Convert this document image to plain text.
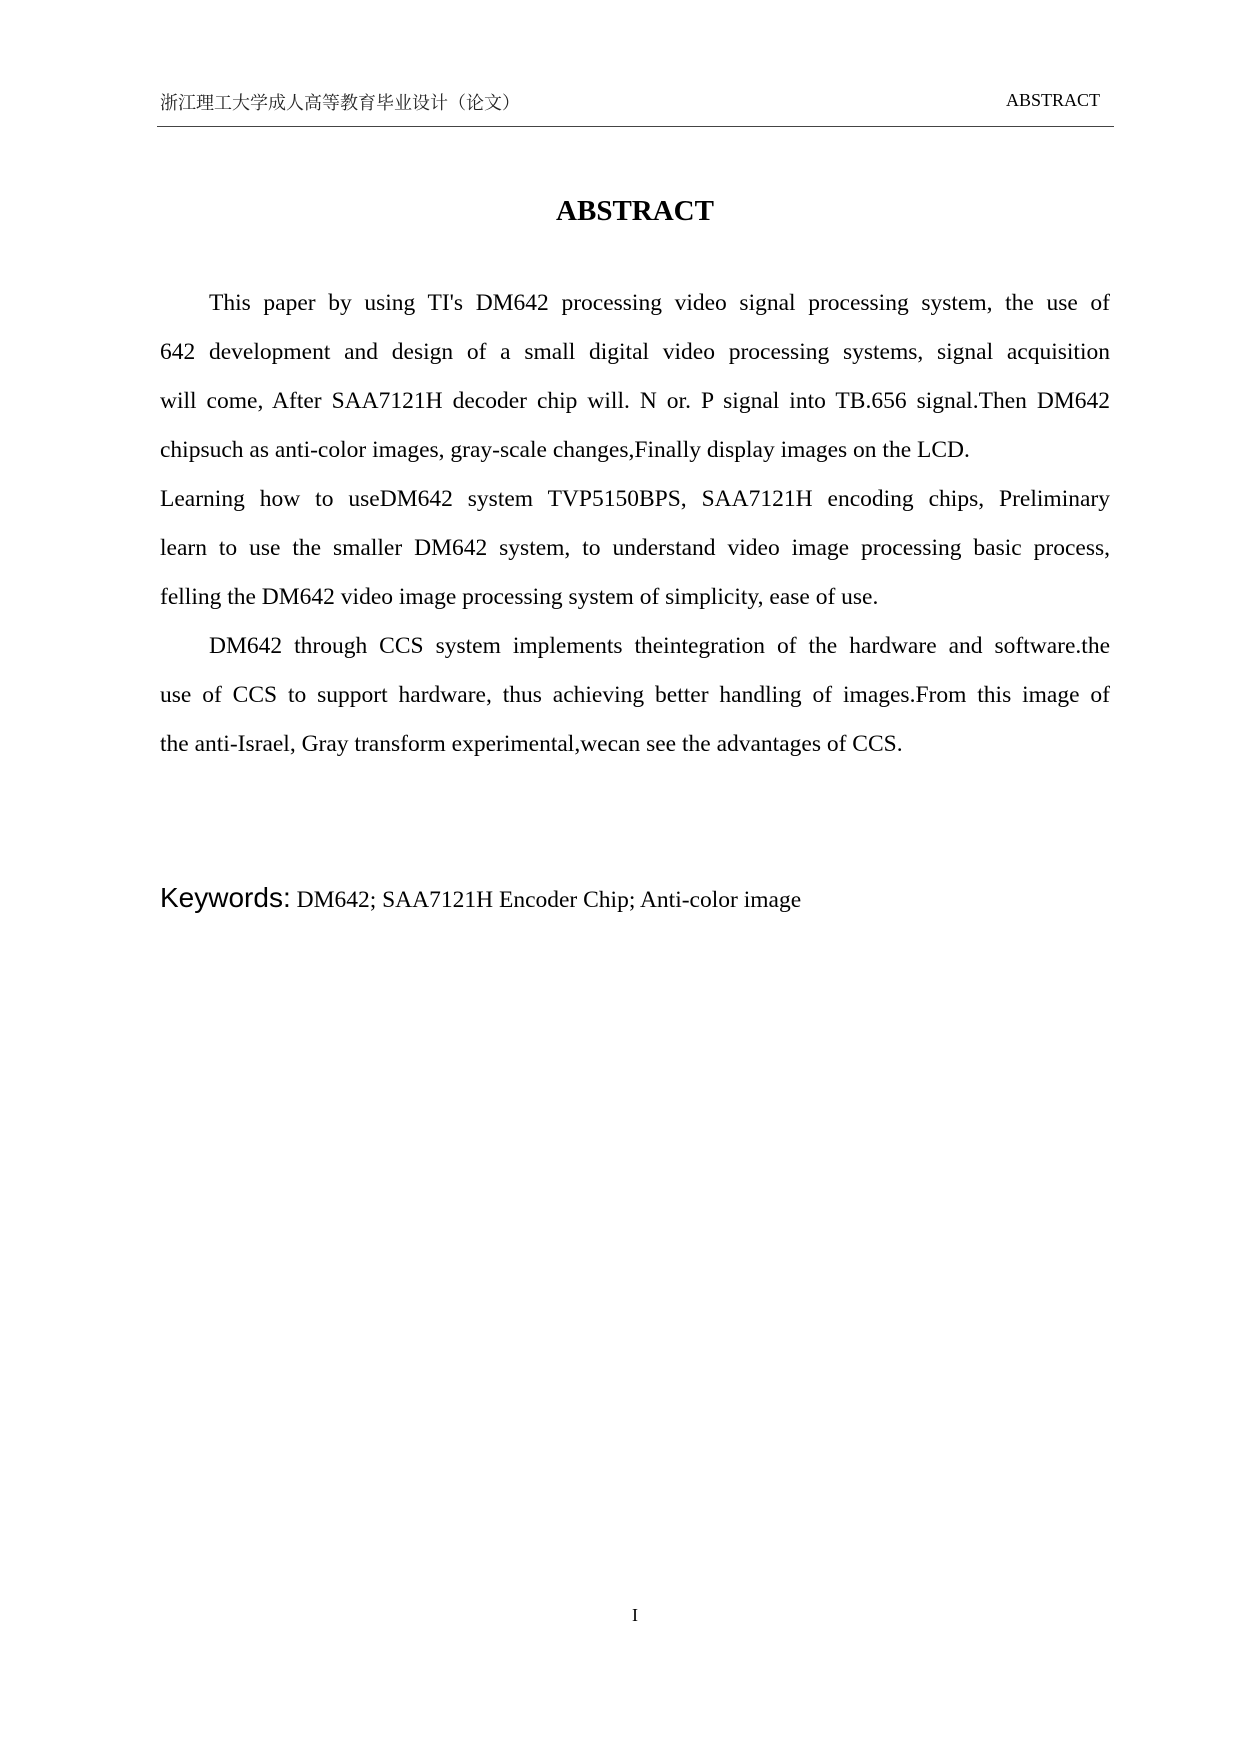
浙江理工大学成人高等教育毕业设计（论文）	ABSTRACT
ABSTRACT
This paper by using TI's DM642 processing video signal processing system, the use of
642 development and design of a small digital video processing systems, signal acquisition
will come, After SAA7121H decoder chip will. N or. P signal into TB.656 signal.Then DM642
chipsuch as anti-color images, gray-scale changes,Finally display images on the LCD.
Learning how to useDM642 system TVP5150BPS, SAA7121H encoding chips, Preliminary
learn to use the smaller DM642 system, to understand video image processing basic process,
felling the DM642 video image processing system of simplicity, ease of use.
DM642 through CCS system implements theintegration of the hardware and software.the
use of CCS to support hardware, thus achieving better handling of images.From this image of
the anti-Israel, Gray transform experimental,wecan see the advantages of CCS.
Keywords: DM642; SAA7121H Encoder Chip; Anti-color image
I
